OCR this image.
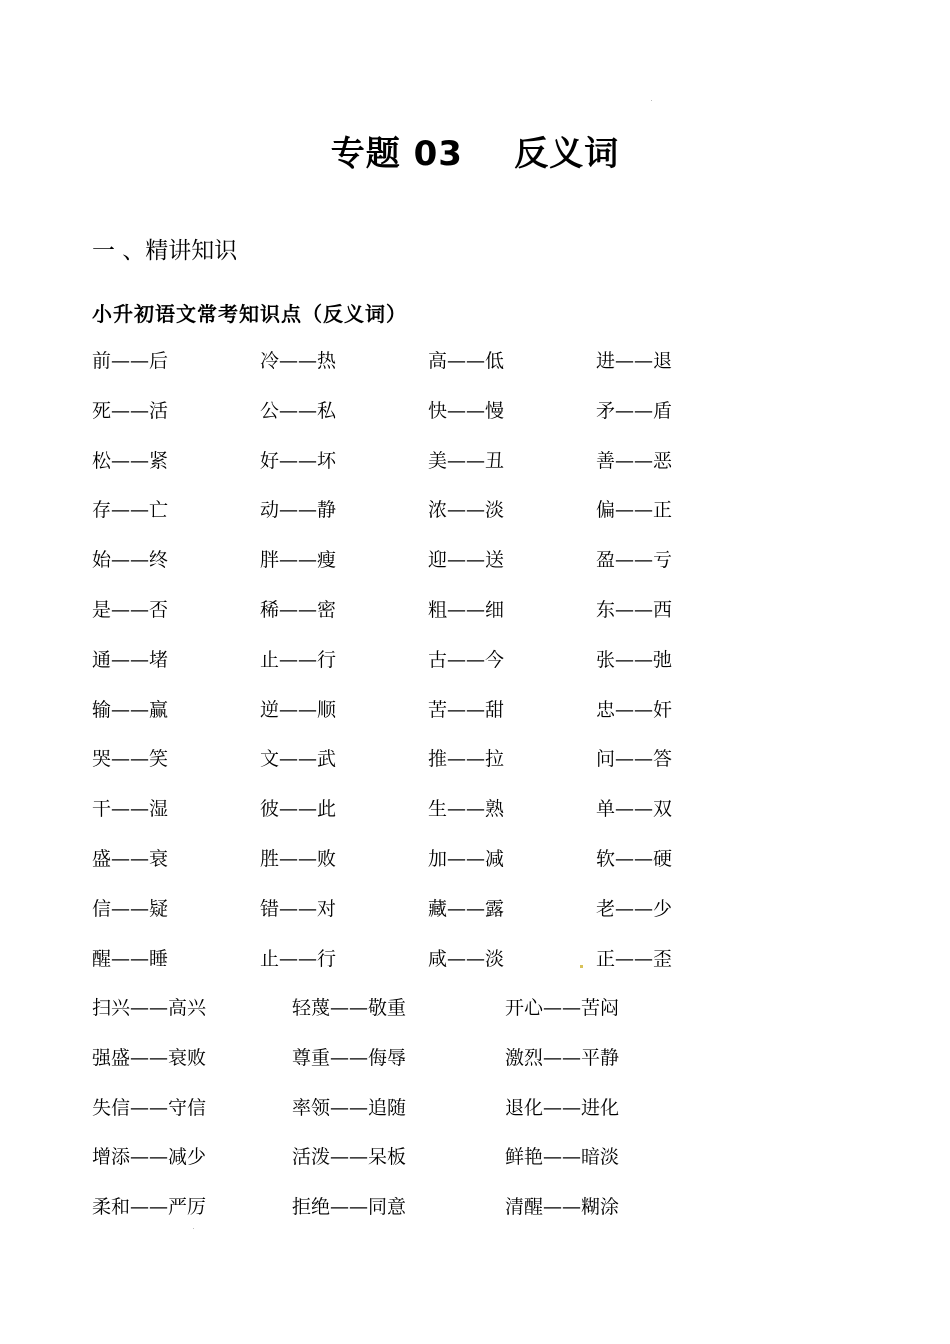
专题 03    反义词
一 、精讲知识
小升初语文常考知识点（反义词）
前——后	冷——热	高——低	进——退
死——活	公——私	快——慢	矛——盾
松——紧	好——坏	美——丑	善——恶
存——亡	动——静	浓——淡	偏——正
始——终	胖——瘦	迎——送	盈——亏
是——否	稀——密	粗——细	东——西
通——堵	止——行	古——今	张——弛
输——赢	逆——顺	苦——甜	忠——奸
哭——笑	文——武	推——拉	问——答
干——湿	彼——此	生——熟	单——双
盛——衰	胜——败	加——减	软——硬
信——疑	错——对	藏——露	老——少
醒——睡	止——行	咸——淡	正——歪
扫兴——高兴	轻蔑——敬重	开心——苦闷
强盛——衰败	尊重——侮辱	激烈——平静
失信——守信	率领——追随	退化——进化
增添——减少	活泼——呆板	鲜艳——暗淡
柔和——严厉	拒绝——同意	清醒——糊涂
